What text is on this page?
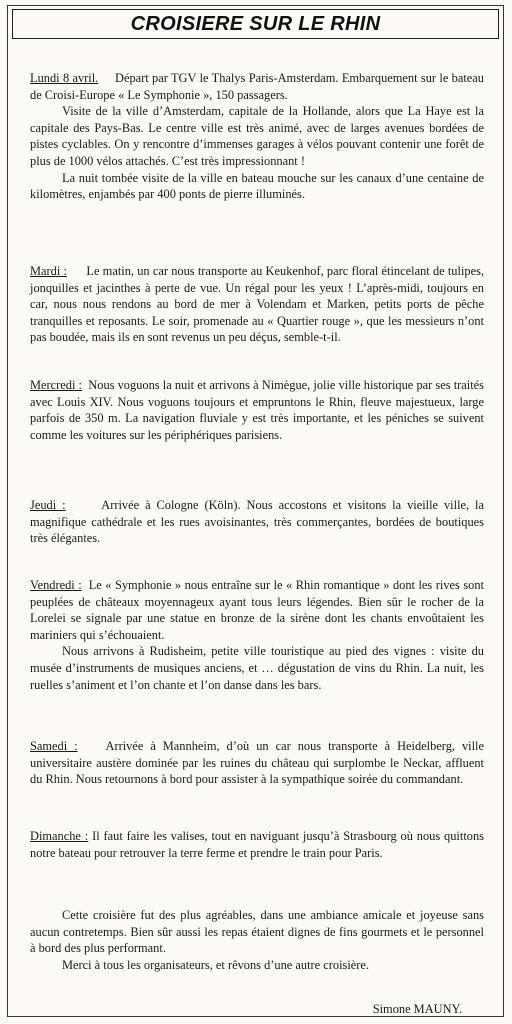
CROISIERE SUR LE RHIN

Lundi 8 avril. Départ par TGV le Thalys Paris-Amsterdam. Embarquement sur le bateau de Croisi-Europe « Le Symphonie », 150 passagers.

Visite de la ville d’Amsterdam, capitale de la Hollande, alors que La Haye est la capitale des Pays-Bas. Le centre ville est très animé, avec de larges avenues bordées de pistes cyclables. On y rencontre d’immenses garages à vélos pouvant contenir une forêt de plus de 1000 vélos attachés. C’est très impressionnant !

La nuit tombée visite de la ville en bateau mouche sur les canaux d’une centaine de kilomètres, enjambés par 400 ponts de pierre illuminés.

Mardi : Le matin, un car nous transporte au Keukenhof, parc floral étincelant de tulipes, jonquilles et jacinthes à perte de vue. Un régal pour les yeux ! L’après-midi, toujours en car, nous nous rendons au bord de mer à Volendam et Marken, petits ports de pêche tranquilles et reposants. Le soir, promenade au « Quartier rouge », que les messieurs n’ont pas boudée, mais ils en sont revenus un peu déçus, semble-t-il.

Mercredi : Nous voguons la nuit et arrivons à Nimègue, jolie ville historique par ses traités avec Louis XIV. Nous voguons toujours et empruntons le Rhin, fleuve majestueux, large parfois de 350 m. La navigation fluviale y est très importante, et les péniches se suivent comme les voitures sur les périphériques parisiens.

Jeudi :	Arrivée à Cologne (Köln). Nous accostons et visitons la vieille ville, la magnifique cathédrale et les rues avoisinantes, très commerçantes, bordées de boutiques très élégantes.

Vendredi : Le « Symphonie » nous entraîne sur le « Rhin romantique » dont les rives sont peuplées de châteaux moyennageux ayant tous leurs légendes. Bien sûr le rocher de la Lorelei se signale par une statue en bronze de la sirène dont les chants envoûtaient les mariniers qui s’échouaient.

Nous arrivons à Rudisheim, petite ville touristique au pied des vignes : visite du musée d’instruments de musiques anciens, et … dégustation de vins du Rhin. La nuit, les ruelles s’animent et l’on chante et l’on danse dans les bars.

Samedi : Arrivée à Mannheim, d’où un car nous transporte à Heidelberg, ville universitaire austère dominée par les ruines du château qui surplombe le Neckar, affluent du Rhin. Nous retournons à bord pour assister à la sympathique soirée du commandant.

Dimanche : Il faut faire les valises, tout en naviguant jusqu’à Strasbourg où nous quittons notre bateau pour retrouver la terre ferme et prendre le train pour Paris.

Cette croisière fut des plus agréables, dans une ambiance amicale et joyeuse sans aucun contretemps. Bien sûr aussi les repas étaient dignes de fins gourmets et le personnel à bord des plus performant.

Merci à tous les organisateurs, et rêvons d’une autre croisière.

Simone MAUNY.
